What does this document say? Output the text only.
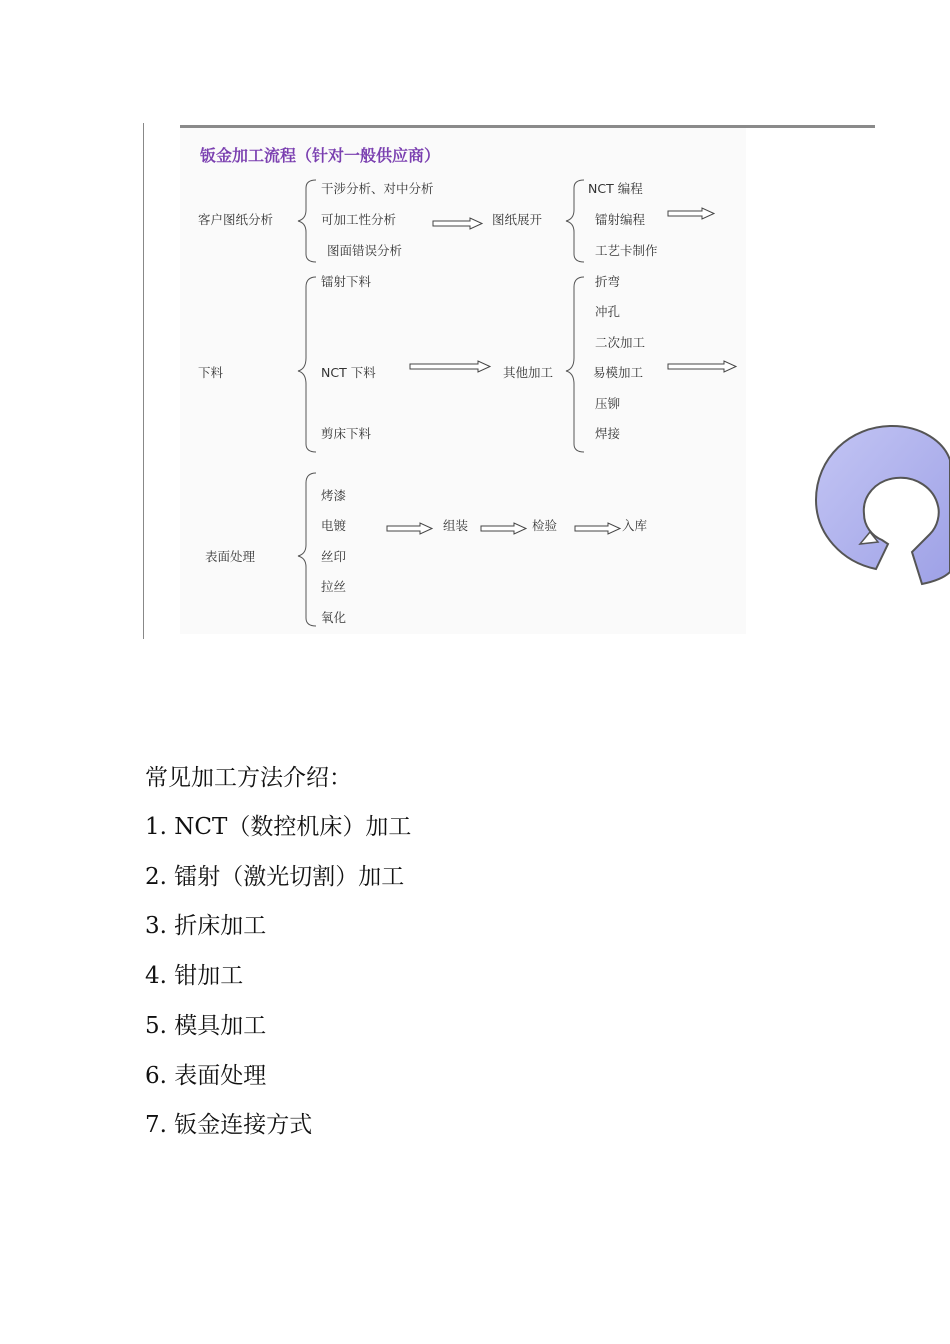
钣金加工流程（针对一般供应商）
客户图纸分析
干涉分析、对中分析
可加工性分析
图面错误分析
图纸展开
NCT 编程
镭射编程
工艺卡制作
下料
镭射下料
NCT 下料
剪床下料
其他加工
折弯
冲孔
二次加工
易模加工
压铆
焊接
表面处理
烤漆
电镀
丝印
拉丝
氧化
组装	检验	入库
常见加工方法介绍：
1. NCT（数控机床）加工
2. 镭射（激光切割）加工
3. 折床加工
4. 钳加工
5. 模具加工
6. 表面处理
7. 钣金连接方式
